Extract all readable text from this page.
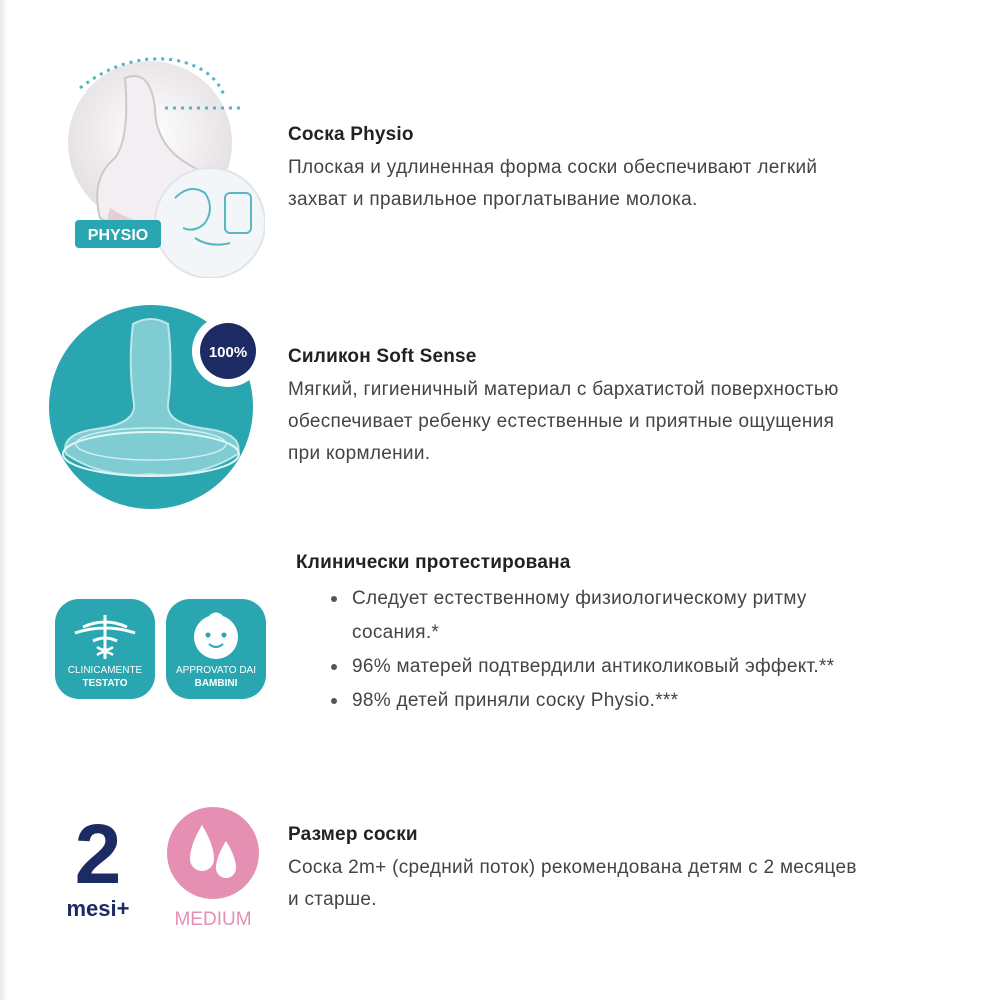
PHYSIO
Соска Physio

Плоская и удлиненная форма соски обеспечивают легкий

захват и правильное проглатывание молока.

100% Силикон Soft Sense

Мягкий, гигиеничный материал с бархатистой поверхностью

обеспечивает ребенку естественные и приятные ощущения

при кормлении.

CLINICAMENTE
TESTATO
APPROVATO DAI
BAMBINI
Клинически протестирована
Следует естественному физиологическому ритму
сосания.*
96% матерей подтвердили антиколиковый эффект.**
98% детей приняли соску Physio.***
2
mesi+	MEDIUM
Размер соски

Соска 2m+ (средний поток) рекомендована детям с 2 месяцев

и старше.
